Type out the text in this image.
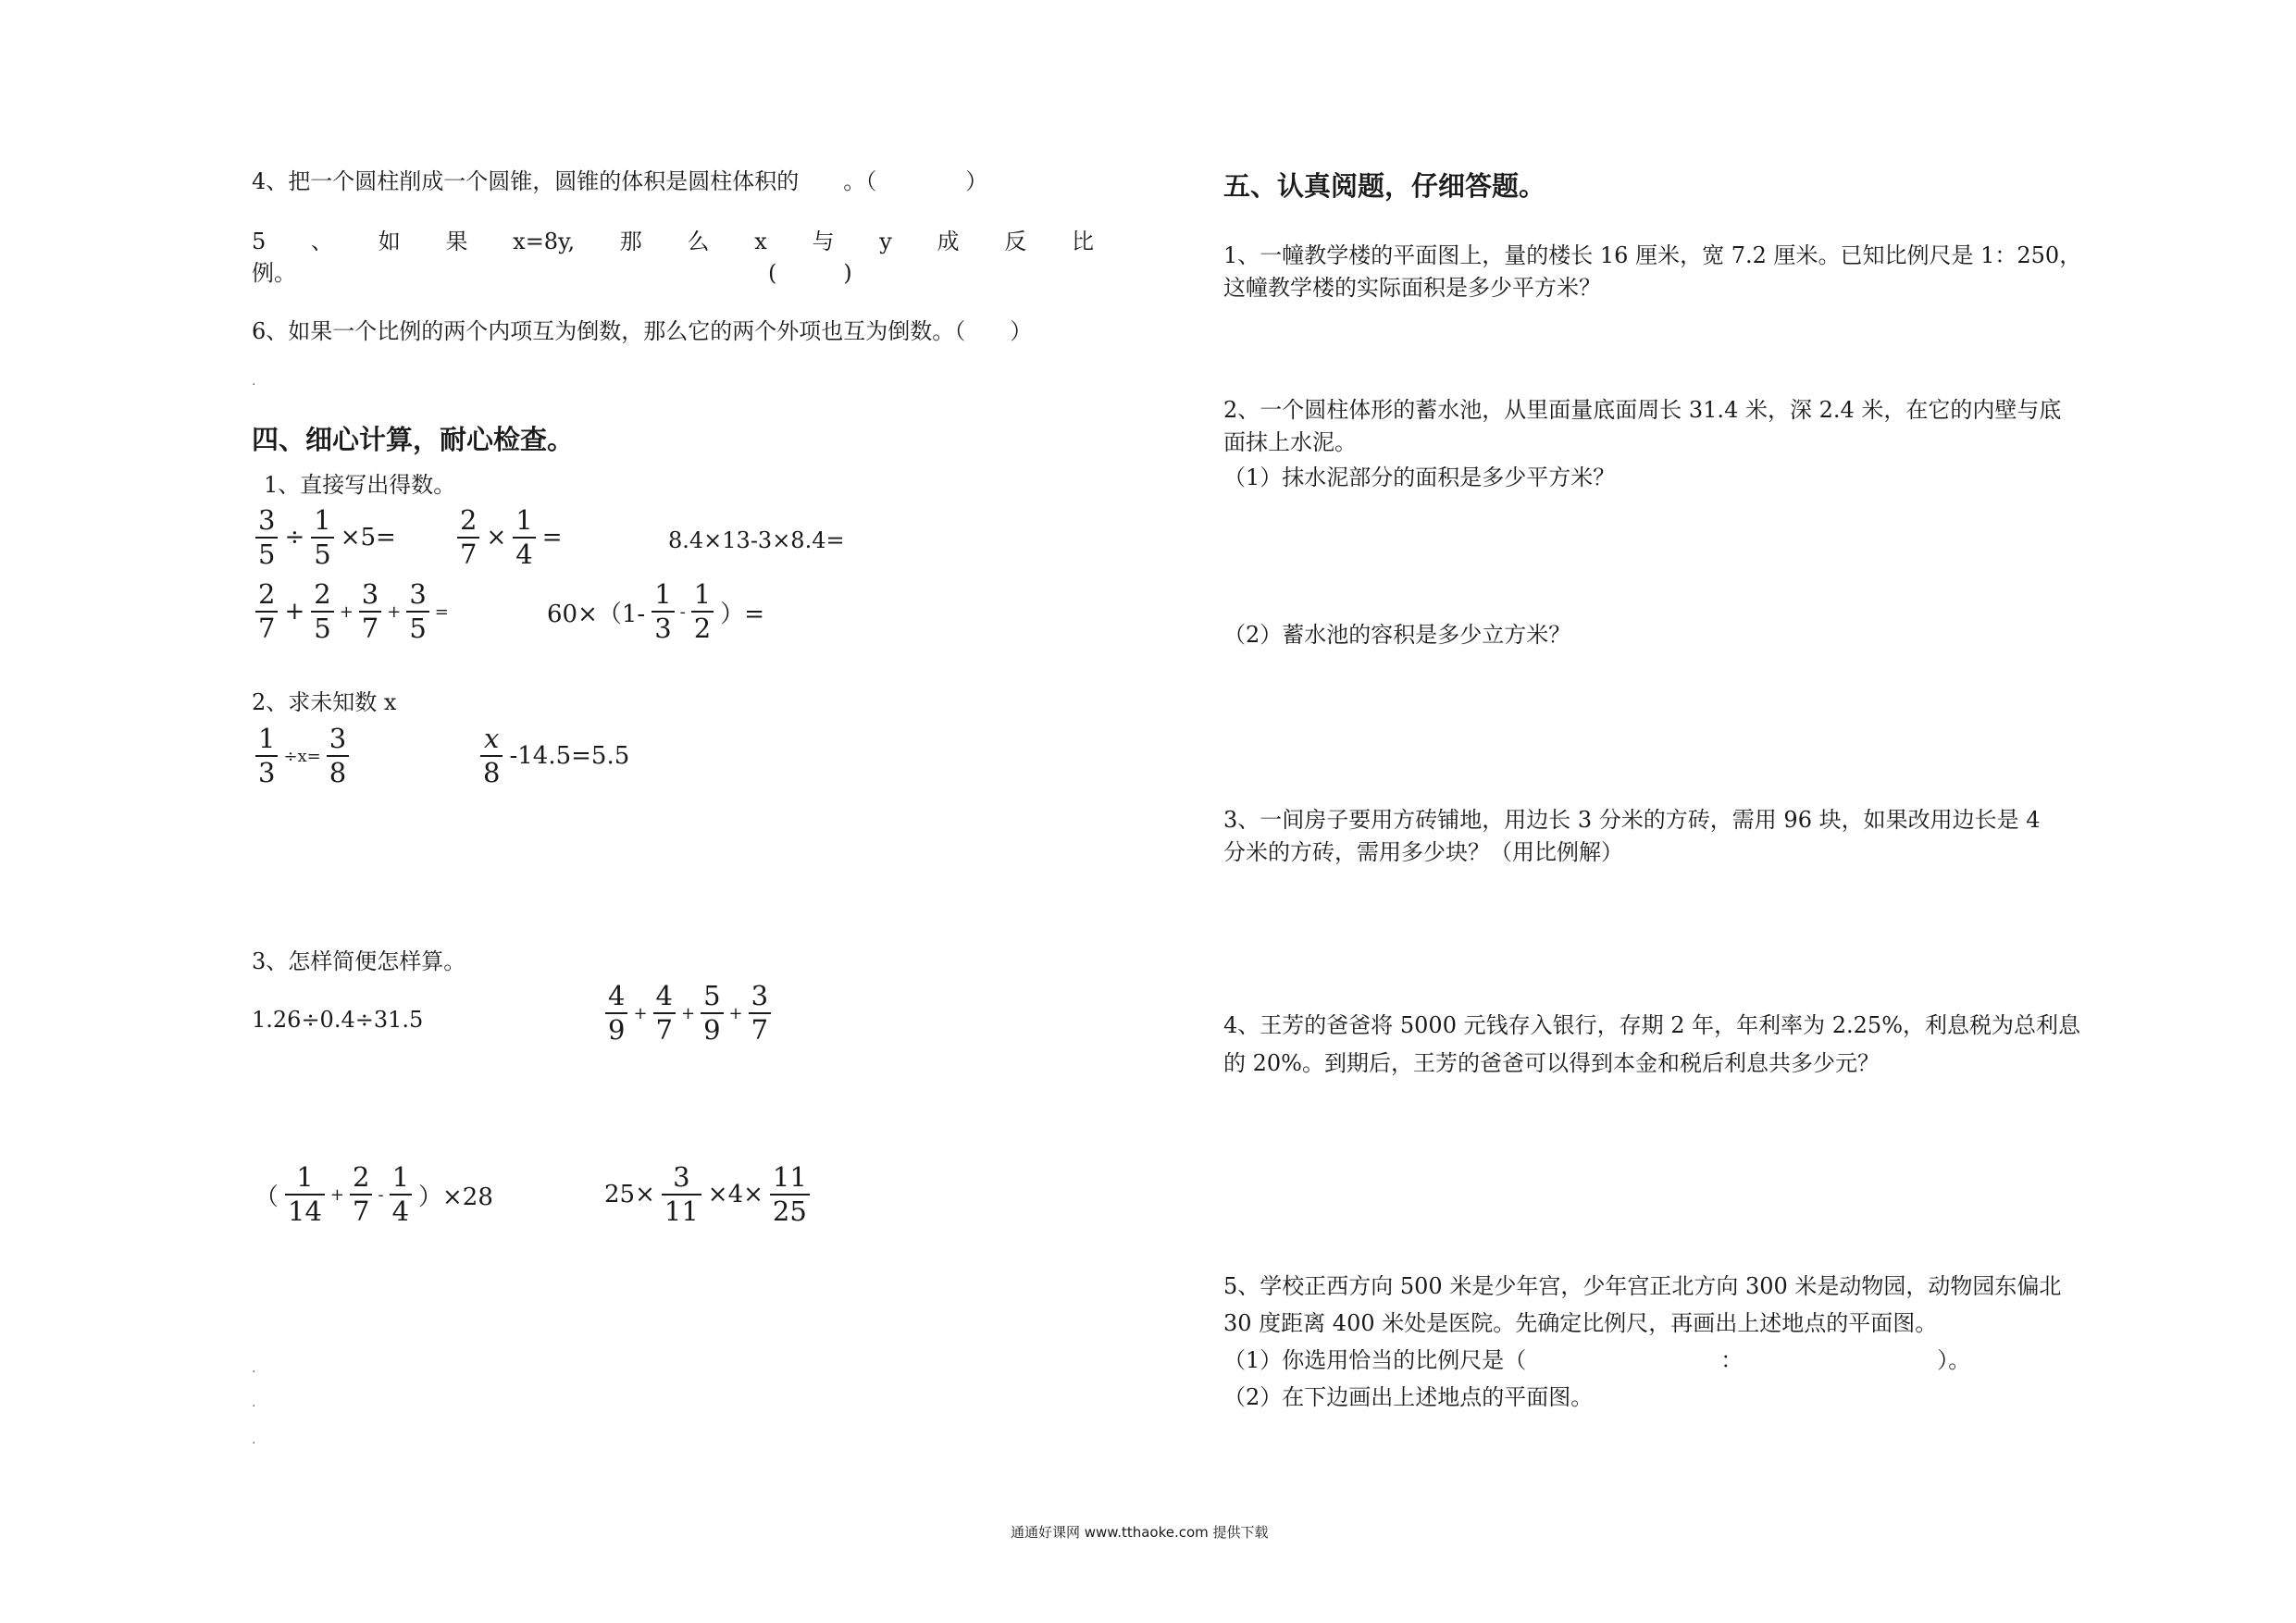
4、把一个圆柱削成一个圆锥，圆锥的体积是圆柱体积的　　。（　　　　）
5 、 如 果 x=8y, 那 么 x 与 y 成 反 比
例。	(　　　)
6、如果一个比例的两个内项互为倒数，那么它的两个外项也互为倒数。（　　）
·
四、细心计算，耐心检查。
1、直接写出得数。
$\frac{3}{5} \div \frac{1}{5} \times 5= \frac{2}{7} \times \frac{1}{4}$ =	8.4×13-3×8.4=
$\frac{2}{7} + \frac{2}{5} + \frac{3}{7} + \frac{3}{5}$ =	$60\times(1- \frac{1}{3} - \frac{1}{2}$ ）=
2、求未知数 x
$\frac{1}{3} \div x= \frac{3}{8}$	$\frac{x}{8} -14.5=5.5$
3、怎样简便怎样算。
1.26÷0.4÷31.5	$\frac{4}{9} + \frac{4}{7} + \frac{5}{9} + \frac{3}{7}$
（ $\frac{1}{14} + \frac{2}{7} - \frac{1}{4} )\times 28$	$25\times \frac{3}{11} \times 4\times \frac{11}{25}$
·
·
·
五、认真阅题，仔细答题。
1、一幢教学楼的平面图上，量的楼长 16 厘米，宽 7.2 厘米。已知比例尺是 1：250，
这幢教学楼的实际面积是多少平方米？
2、一个圆柱体形的蓄水池，从里面量底面周长 31.4 米，深 2.4 米，在它的内壁与底
面抹上水泥。
（1）抹水泥部分的面积是多少平方米？
（2）蓄水池的容积是多少立方米？
3、一间房子要用方砖铺地，用边长 3 分米的方砖，需用 96 块，如果改用边长是 4
分米的方砖，需用多少块？（用比例解）
4、王芳的爸爸将 5000 元钱存入银行，存期 2 年，年利率为 2.25%，利息税为总利息
的 20%。到期后，王芳的爸爸可以得到本金和税后利息共多少元？
5、学校正西方向 500 米是少年宫，少年宫正北方向 300 米是动物园，动物园东偏北
30 度距离 400 米处是医院。先确定比例尺，再画出上述地点的平面图。
（1）你选用恰当的比例尺是（	：	）。
（2）在下边画出上述地点的平面图。
通通好课网 www.tthaoke.com 提供下载
